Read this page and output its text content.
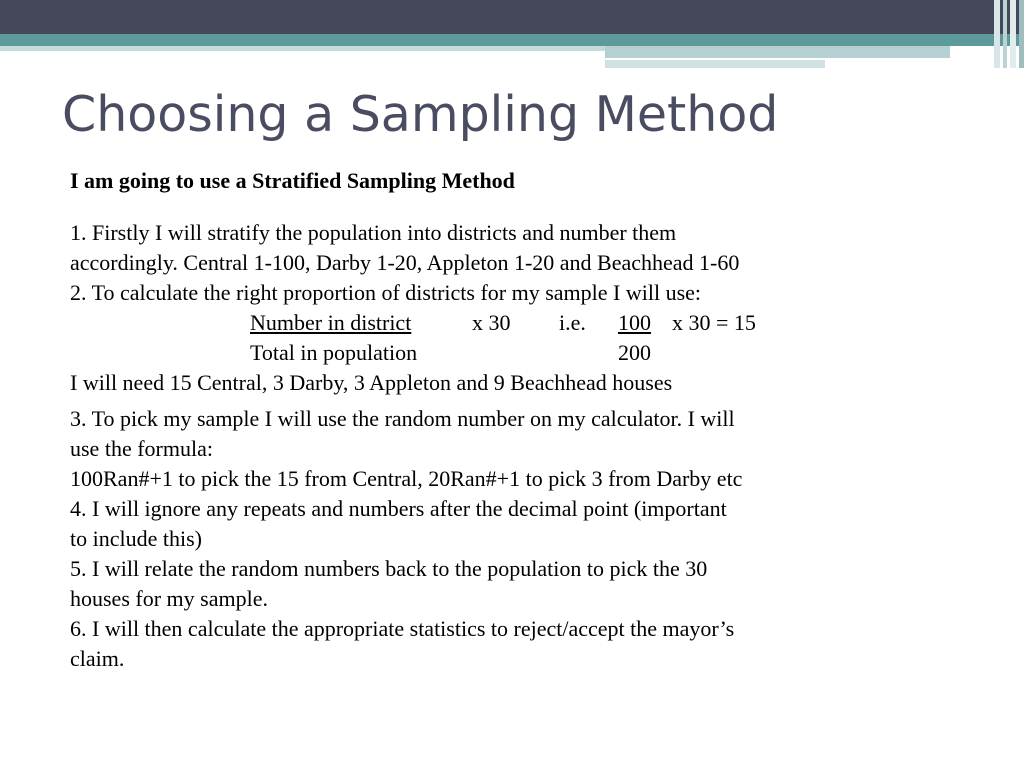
Choosing a Sampling Method

I am going to use a Stratified Sampling Method

1. Firstly I will stratify the population into districts and number them

accordingly. Central 1-100, Darby 1-20, Appleton 1-20 and Beachhead 1-60

2. To calculate the right proportion of districts for my sample I will use:

Number in district	x 30 i.e. 100 x 30 = 15
Total in population	200

I will need 15 Central, 3 Darby, 3 Appleton and 9 Beachhead houses

3. To pick my sample I will use the random number on my calculator. I will

use the formula:

100Ran#+1 to pick the 15 from Central, 20Ran#+1 to pick 3 from Darby etc

4. I will ignore any repeats and numbers after the decimal point (important

to include this)

5. I will relate the random numbers back to the population to pick the 30

houses for my sample.

6. I will then calculate the appropriate statistics to reject/accept the mayor’s

claim.
